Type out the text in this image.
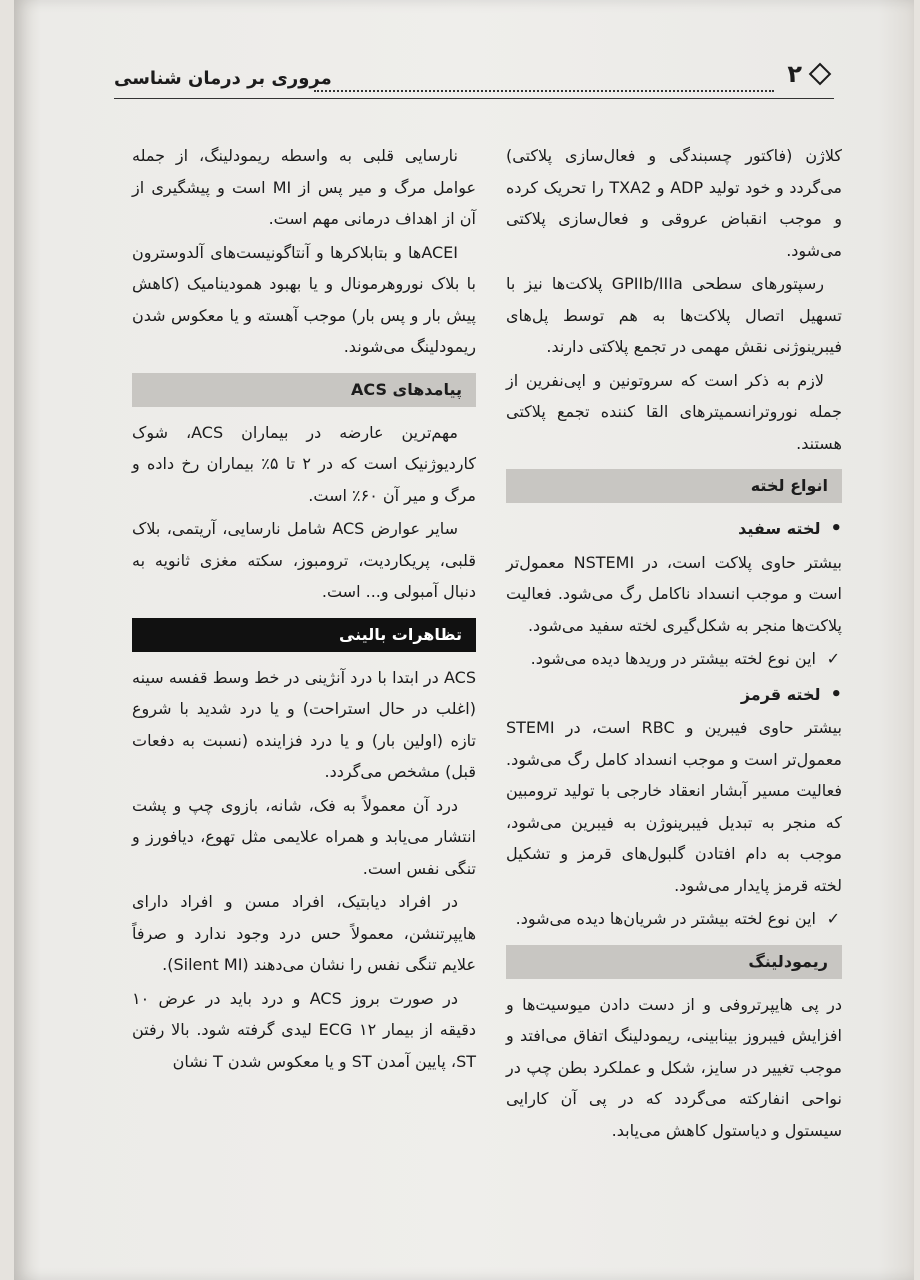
۲
مروری بر درمان شناسی

کلاژن (فاکتور چسبندگی و فعال‌سازی پلاکتی) می‌گردد و خود تولید ADP و TXA2 را تحریک کرده و موجب انقباض عروقی و فعال‌سازی پلاکتی می‌شود.

رسپتورهای سطحی GPIIb/IIIa پلاکت‌ها نیز با تسهیل اتصال پلاکت‌ها به هم توسط پل‌های فیبرینوژنی نقش مهمی در تجمع پلاکتی دارند.

لازم به ذکر است که سروتونین و اپی‌نفرین از جمله نوروترانسمیترهای القا کننده تجمع پلاکتی هستند.

انواع لخته
•لخته سفید

بیشتر حاوی پلاکت است، در NSTEMI معمول‌تر است و موجب انسداد ناکامل رگ می‌شود. فعالیت پلاکت‌ها منجر به شکل‌گیری لخته سفید می‌شود.

✓
این نوع لخته بیشتر در وریدها دیده می‌شود.

•لخته قرمز

بیشتر حاوی فیبرین و RBC است، در STEMI معمول‌تر است و موجب انسداد کامل رگ می‌شود. فعالیت مسیر آبشار انعقاد خارجی با تولید ترومبین که منجر به تبدیل فیبرینوژن به فیبرین می‌شود، موجب به دام افتادن گلبول‌های قرمز و تشکیل لخته قرمز پایدار می‌شود.

✓
این نوع لخته بیشتر در شریان‌ها دیده می‌شود.

ریمودلینگ

در پی هایپرتروفی و از دست دادن میوسیت‌ها و افزایش فیبروز بینابینی، ریمودلینگ اتفاق می‌افتد و موجب تغییر در سایز، شکل و عملکرد بطن چپ در نواحی انفارکته می‌گردد که در پی آن کارایی سیستول و دیاستول کاهش می‌یابد.

نارسایی قلبی به واسطه ریمودلینگ، از جمله عوامل مرگ و میر پس از MI است و پیشگیری از آن از اهداف درمانی مهم است.

ACEIها و بتابلاکرها و آنتاگونیست‌های آلدوسترون با بلاک نوروهرمونال و یا بهبود همودینامیک (کاهش پیش بار و پس بار) موجب آهسته و یا معکوس شدن ریمودلینگ می‌شوند.

پیامدهای ACS

مهم‌ترین عارضه در بیماران ACS، شوک کاردیوژنیک است که در ۲ تا ۵٪ بیماران رخ داده و مرگ و میر آن ۶۰٪ است.

سایر عوارض ACS شامل نارسایی، آریتمی، بلاک قلبی، پریکاردیت، ترومبوز، سکته مغزی ثانویه به دنبال آمبولی و... است.

تظاهرات بالینی

ACS در ابتدا با درد آنژینی در خط وسط قفسه سینه (اغلب در حال استراحت) و یا درد شدید با شروع تازه (اولین بار) و یا درد فزاینده (نسبت به دفعات قبل) مشخص می‌گردد.

درد آن معمولاً به فک، شانه، بازوی چپ و پشت انتشار می‌یابد و همراه علایمی مثل تهوع، دیافورز و تنگی نفس است.

در افراد دیابتیک، افراد مسن و افراد دارای هایپرتنشن، معمولاً حس درد وجود ندارد و صرفاً علایم تنگی نفس را نشان می‌دهند (Silent MI).

در صورت بروز ACS و درد باید در عرض ۱۰ دقیقه از بیمار ECG ۱۲ لیدی گرفته شود. بالا رفتن ST، پایین آمدن ST و یا معکوس شدن T نشان
